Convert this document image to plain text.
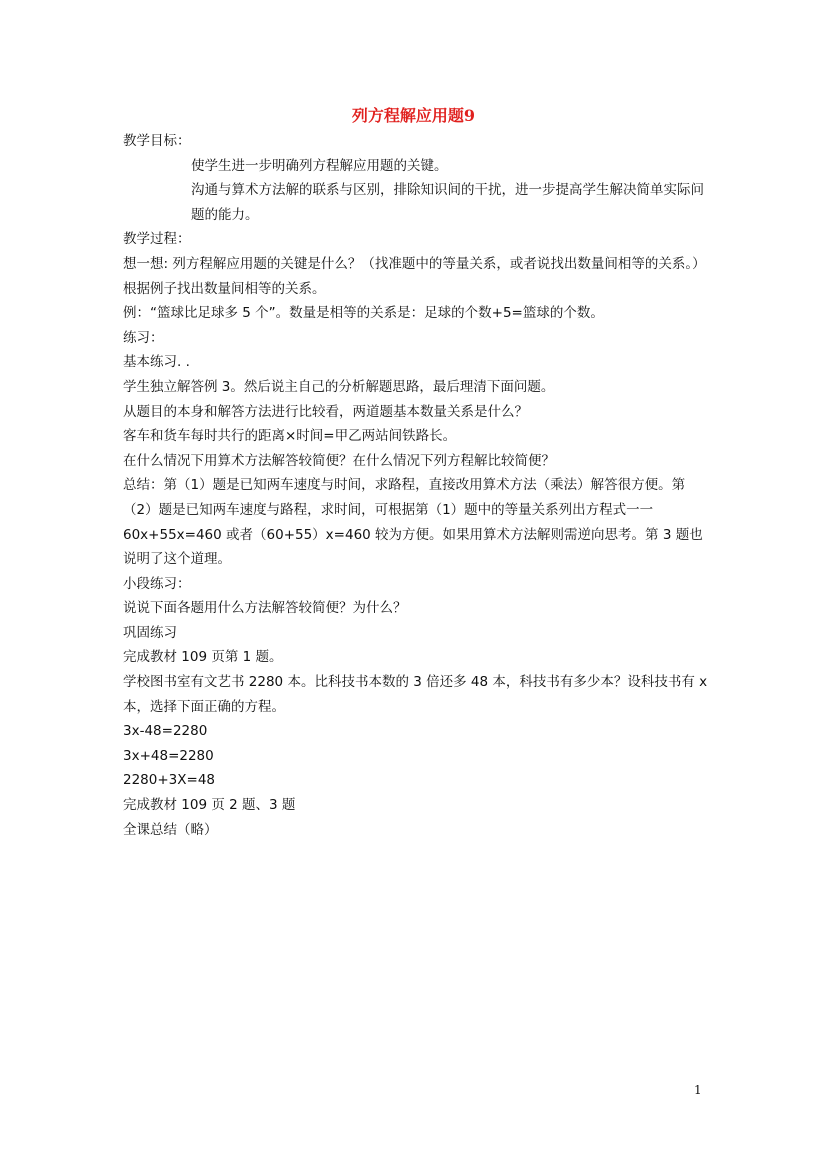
列方程解应用题9

教学目标：

使学生进一步明确列方程解应用题的关键。

沟通与算术方法解的联系与区别，排除知识间的干扰，进一步提高学生解决简单实际问题的能力。

教学过程：

想一想: 列方程解应用题的关键是什么？（找准题中的等量关系，或者说找出数量间相等的关系。）

根据例子找出数量间相等的关系。

例：“篮球比足球多 5 个”。数量是相等的关系是：足球的个数+5=篮球的个数。

练习：

基本练习. .

学生独立解答例 3。然后说主自己的分析解题思路，最后理清下面问题。

从题目的本身和解答方法进行比较看，两道题基本数量关系是什么？

客车和货车每时共行的距离×时间=甲乙两站间铁路长。

在什么情况下用算术方法解答较简便？在什么情况下列方程解比较简便？

总结：第（1）题是已知两车速度与时间，求路程，直接改用算术方法（乘法）解答很方便。第（2）题是已知两车速度与路程，求时间，可根据第（1）题中的等量关系列出方程式一一60x+55x=460 或者（60+55）x=460 较为方便。如果用算术方法解则需逆向思考。第 3 题也说明了这个道理。

小段练习：

说说下面各题用什么方法解答较简便？为什么？

巩固练习

完成教材 109 页第 1 题。

学校图书室有文艺书 2280 本。比科技书本数的 3 倍还多 48 本，科技书有多少本？设科技书有 x 本，选择下面正确的方程。

3x-48=2280

3x+48=2280

2280+3X=48

完成教材 109 页 2 题、3 题

全课总结（略）

1
